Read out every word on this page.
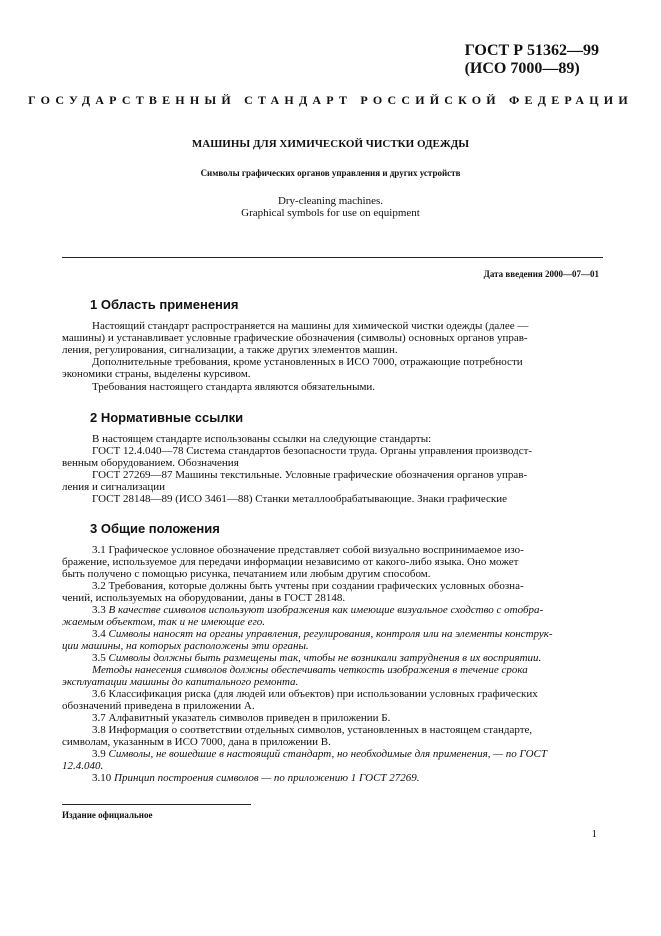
ГОСТ Р 51362—99
(ИСО 7000—89)
ГОСУДАРСТВЕННЫЙ СТАНДАРТ РОССИЙСКОЙ ФЕДЕРАЦИИ
МАШИНЫ ДЛЯ ХИМИЧЕСКОЙ ЧИСТКИ ОДЕЖДЫ
Символы графических органов управления и других устройств
Dry-cleaning machines.
Graphical symbols for use on equipment
Дата введения 2000—07—01
1 Область применения
Настоящий стандарт распространяется на машины для химической чистки одежды (далее —
машины) и устанавливает условные графические обозначения (символы) основных органов управ-
ления, регулирования, сигнализации, а также других элементов машин.
Дополнительные требования, кроме установленных в ИСО 7000, отражающие потребности
экономики страны, выделены курсивом.
Требования настоящего стандарта являются обязательными.
2 Нормативные ссылки
В настоящем стандарте использованы ссылки на следующие стандарты:
ГОСТ 12.4.040—78 Система стандартов безопасности труда. Органы управления производст-
венным оборудованием. Обозначения
ГОСТ 27269—87 Машины текстильные. Условные графические обозначения органов управ-
ления и сигнализации
ГОСТ 28148—89 (ИСО 3461—88) Станки металлообрабатывающие. Знаки графические
3 Общие положения
3.1 Графическое условное обозначение представляет собой визуально воспринимаемое изо-
бражение, используемое для передачи информации независимо от какого-либо языка. Оно может
быть получено с помощью рисунка, печатанием или любым другим способом.
3.2 Требования, которые должны быть учтены при создании графических условных обозна-
чений, используемых на оборудовании, даны в ГОСТ 28148.
3.3 В качестве символов используют изображения как имеющие визуальное сходство с отобра-
жаемым объектом, так и не имеющие его.
3.4 Символы наносят на органы управления, регулирования, контроля или на элементы конструк-
ции машины, на которых расположены эти органы.
3.5 Символы должны быть размещены так, чтобы не возникали затруднения в их восприятии.
Методы нанесения символов должны обеспечивать четкость изображения в течение срока
эксплуатации машины до капитального ремонта.
3.6 Классификация риска (для людей или объектов) при использовании условных графических
обозначений приведена в приложении А.
3.7 Алфавитный указатель символов приведен в приложении Б.
3.8 Информация о соответствии отдельных символов, установленных в настоящем стандарте,
символам, указанным в ИСО 7000, дана в приложении В.
3.9 Символы, не вошедшие в настоящий стандарт, но необходимые для применения, — по ГОСТ
12.4.040.
3.10 Принцип построения символов — по приложению 1 ГОСТ 27269.
Издание официальное
1
